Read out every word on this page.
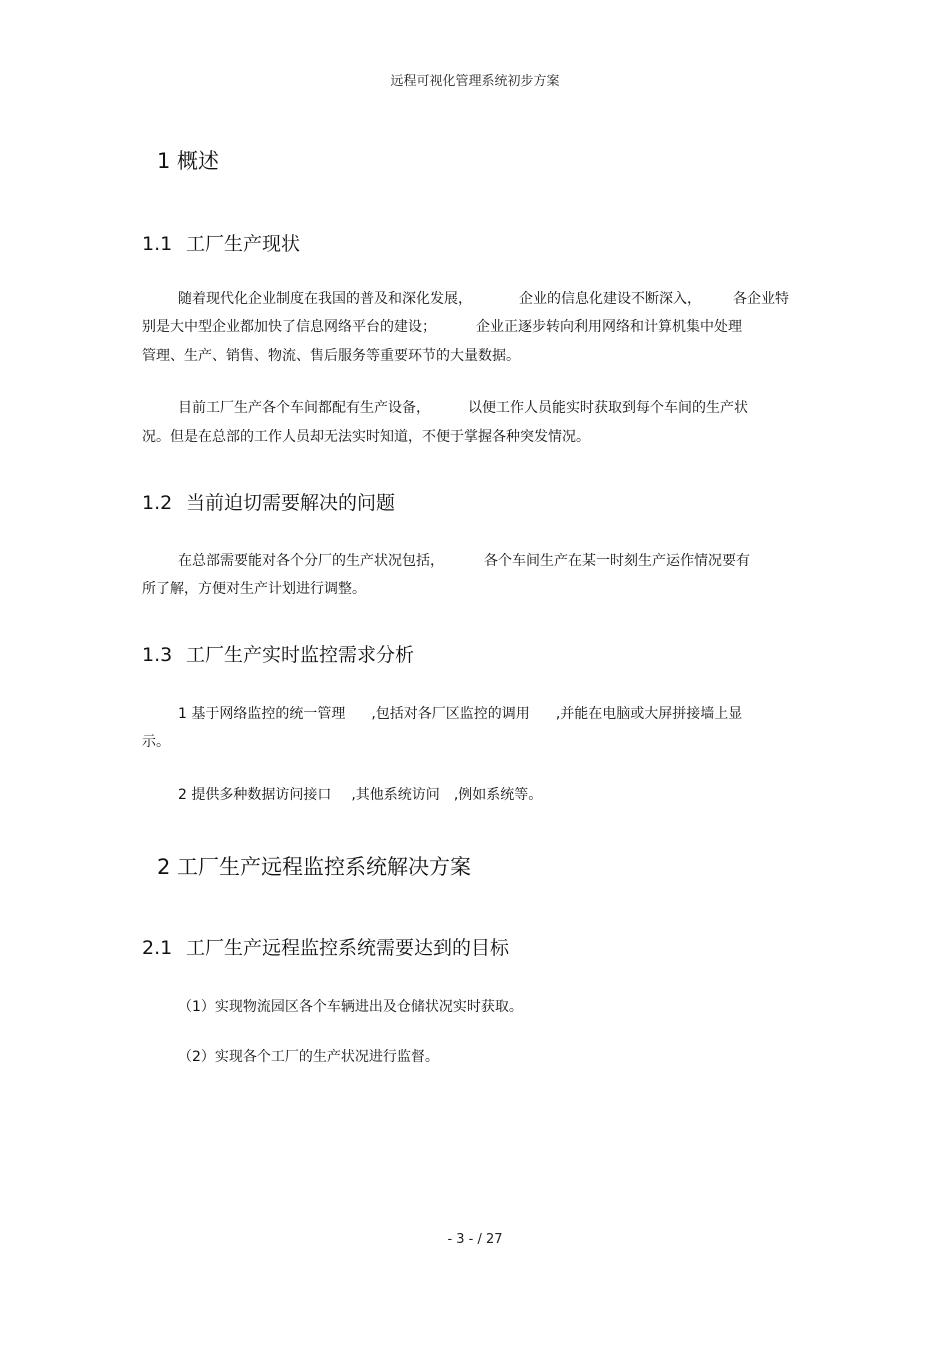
远程可视化管理系统初步方案
1 概述
1.1 工厂生产现状
随着现代化企业制度在我国的普及和深化发展，	企业的信息化建设不断深入， 各企业特
别是大中型企业都加快了信息网络平台的建设；	企业正逐步转向利用网络和计算机集中处理
管理、生产、销售、物流、售后服务等重要环节的大量数据。
目前工厂生产各个车间都配有生产设备，	以便工作人员能实时获取到每个车间的生产状
况。但是在总部的工作人员却无法实时知道，不便于掌握各种突发情况。
1.2 当前迫切需要解决的问题
在总部需要能对各个分厂的生产状况包括，	各个车间生产在某一时刻生产运作情况要有
所了解，方便对生产计划进行调整。
1.3 工厂生产实时监控需求分析
1 基于网络监控的统一管理 ,包括对各厂区监控的调用 ,并能在电脑或大屏拼接墙上显
示。
2 提供多种数据访问接口 ,其他系统访问 ,例如系统等。
2 工厂生产远程监控系统解决方案
2.1 工厂生产远程监控系统需要达到的目标
（1）实现物流园区各个车辆进出及仓储状况实时获取。
（2）实现各个工厂的生产状况进行监督。
- 3 - / 27
